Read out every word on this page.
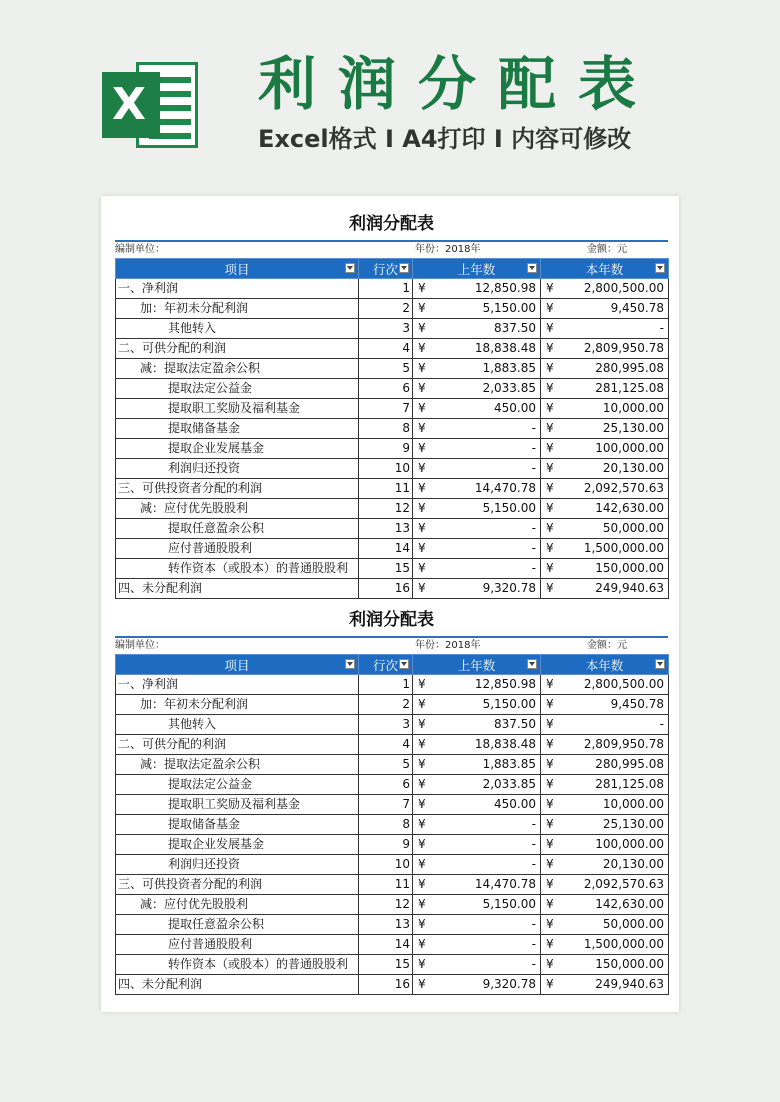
X 利润分配表
Excel格式 I A4打印 I 内容可修改
利润分配表
编制单位：	年份：2018年	金额：元
项目	行次	上年数	本年数

一、净利润	1	¥ 12,850.98	¥ 2,800,500.00
加：年初未分配利润	2	¥ 5,150.00	¥ 9,450.78
其他转入	3	¥ 837.50	¥ -
二、可供分配的利润	4	¥ 18,838.48	¥ 2,809,950.78
减：提取法定盈余公积	5	¥ 1,883.85	¥ 280,995.08
提取法定公益金	6	¥ 2,033.85	¥ 281,125.08
提取职工奖励及福利基金	7	¥ 450.00	¥ 10,000.00
提取储备基金	8	¥ -	¥ 25,130.00
提取企业发展基金	9	¥ -	¥ 100,000.00
利润归还投资	10	¥ -	¥ 20,130.00
三、可供投资者分配的利润	11	¥ 14,470.78	¥ 2,092,570.63
减：应付优先股股利	12	¥ 5,150.00	¥ 142,630.00
提取任意盈余公积	13	¥ -	¥ 50,000.00
应付普通股股利	14	¥ -	¥ 1,500,000.00
转作资本（或股本）的普通股股利	15	¥ -	¥ 150,000.00
四、未分配利润	16	¥ 9,320.78	¥ 249,940.63
利润分配表
编制单位：	年份：2018年	金额：元
项目	行次	上年数	本年数

一、净利润	1	¥ 12,850.98	¥ 2,800,500.00
加：年初未分配利润	2	¥ 5,150.00	¥ 9,450.78
其他转入	3	¥ 837.50	¥ -
二、可供分配的利润	4	¥ 18,838.48	¥ 2,809,950.78
减：提取法定盈余公积	5	¥ 1,883.85	¥ 280,995.08
提取法定公益金	6	¥ 2,033.85	¥ 281,125.08
提取职工奖励及福利基金	7	¥ 450.00	¥ 10,000.00
提取储备基金	8	¥ -	¥ 25,130.00
提取企业发展基金	9	¥ -	¥ 100,000.00
利润归还投资	10	¥ -	¥ 20,130.00
三、可供投资者分配的利润	11	¥ 14,470.78	¥ 2,092,570.63
减：应付优先股股利	12	¥ 5,150.00	¥ 142,630.00
提取任意盈余公积	13	¥ -	¥ 50,000.00
应付普通股股利	14	¥ -	¥ 1,500,000.00
转作资本（或股本）的普通股股利	15	¥ -	¥ 150,000.00
四、未分配利润	16	¥ 9,320.78	¥ 249,940.63
